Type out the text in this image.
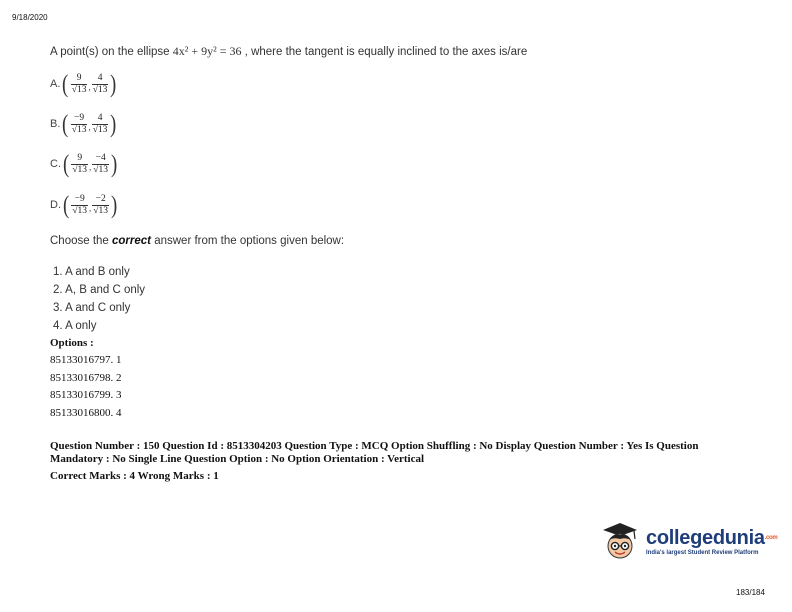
9/18/2020
A point(s) on the ellipse 4x² + 9y² = 36 , where the tangent is equally inclined to the axes is/are
A. ( $\frac{9}{√13}$ , $\frac{4}{√13}$ )
B. ( $\frac{-9}{√13}$ , $\frac{4}{√13}$ )
C. ( $\frac{9}{√13}$ , $\frac{-4}{√13}$ )
D. ( $\frac{-9}{√13}$ , $\frac{-2}{√13}$ )
Choose the correct answer from the options given below:
1. A and B only
2. A, B and C only
3. A and C only
4. A only
Options :
85133016797. 1
85133016798. 2
85133016799. 3
85133016800. 4
Question Number : 150 Question Id : 8513304203 Question Type : MCQ Option Shuffling : No Display Question Number : Yes Is Question Mandatory : No Single Line Question Option : No Option Orientation : Vertical
Correct Marks : 4 Wrong Marks : 1
collegedunia.com
India's largest Student Review Platform
183/184
